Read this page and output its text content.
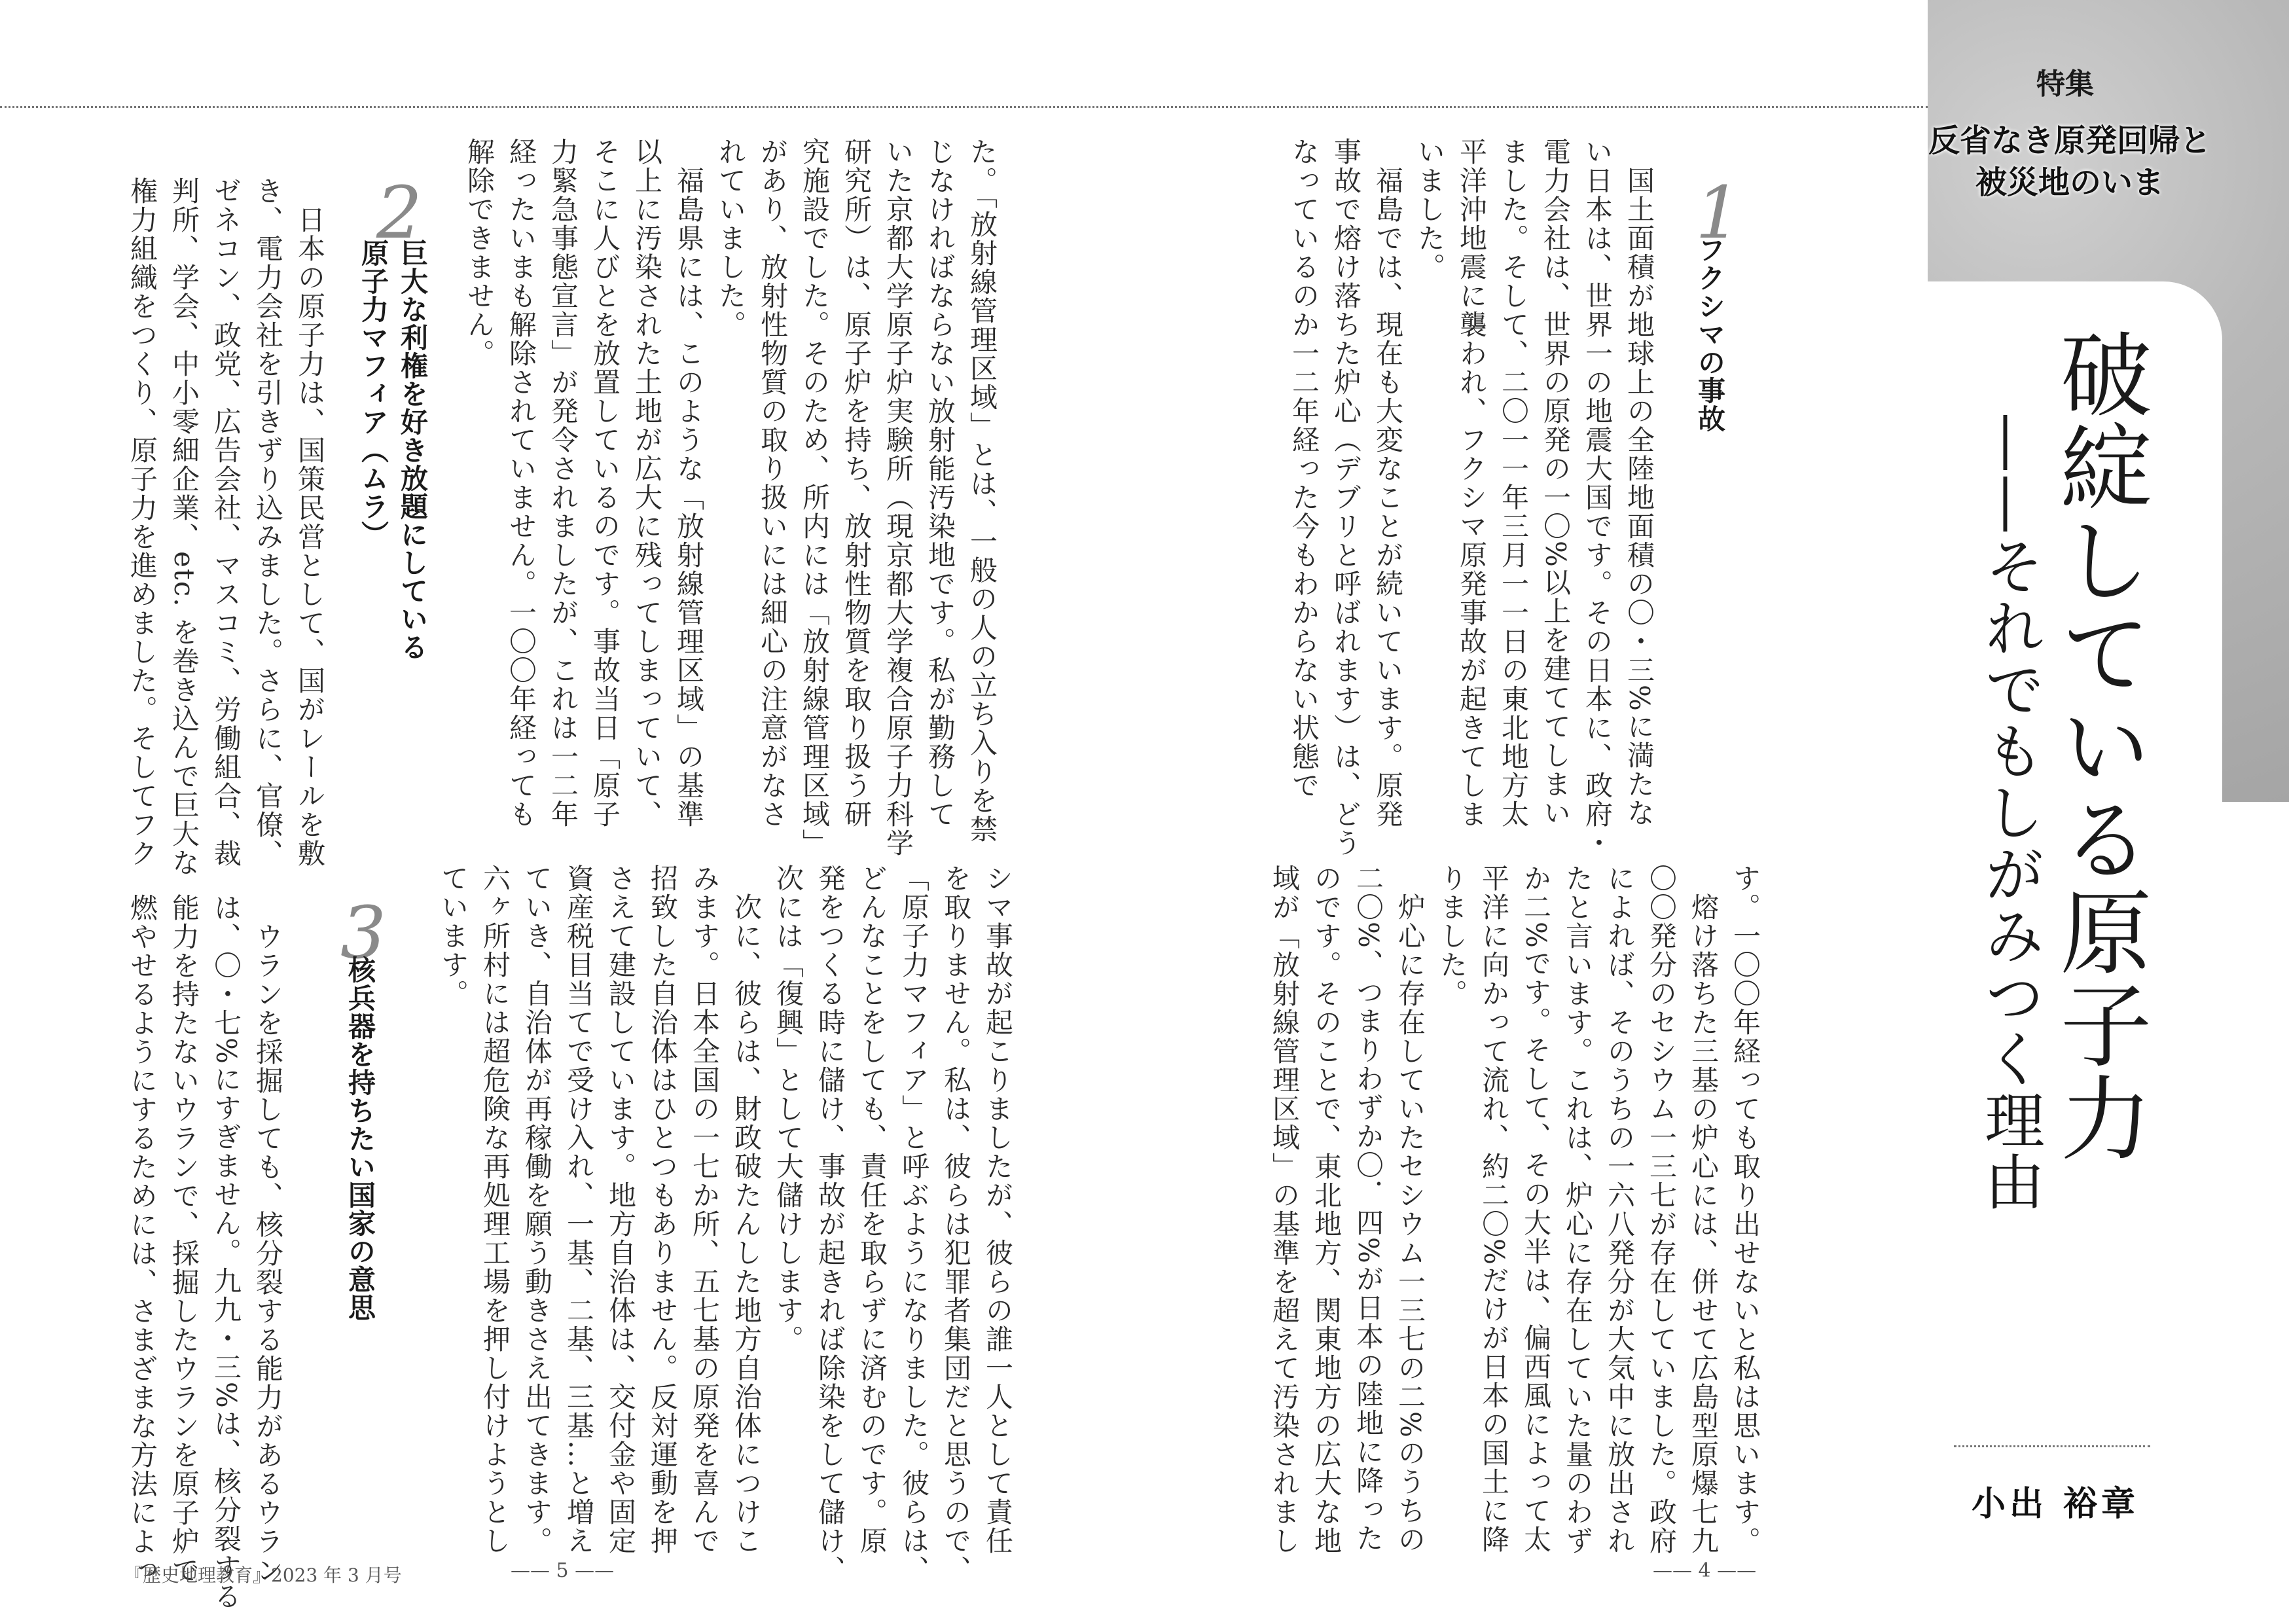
特集
反省なき原発回帰と
被災地のいま
破綻している原子力
——それでもしがみつく理由
小出 裕章
1
フクシマの事故

　国土面積が地球上の全陸地面積の〇・三%に満たな

い日本は、世界一の地震大国です。その日本に、政府・

電力会社は、世界の原発の一〇%以上を建ててしまい

ました。そして、二〇一一年三月一一日の東北地方太

平洋沖地震に襲われ、フクシマ原発事故が起きてしま

いました。

　福島では、現在も大変なことが続いています。原発

事故で熔け落ちた炉心（デブリと呼ばれます）は、どう

なっているのか一二年経った今もわからない状態で

す。一〇〇年経っても取り出せないと私は思います。

　熔け落ちた三基の炉心には、併せて広島型原爆七九

〇〇発分のセシウム一三七が存在していました。政府

によれば、そのうちの一六八発分が大気中に放出され

たと言います。これは、炉心に存在していた量のわず

か二%です。そして、その大半は、偏西風によって太

平洋に向かって流れ、約二〇%だけが日本の国土に降

りました。

　炉心に存在していたセシウム一三七の二%のうちの

二〇%、つまりわずか〇．四%が日本の陸地に降った

のです。そのことで、東北地方、関東地方の広大な地

域が「放射線管理区域」の基準を超えて汚染されまし

た。「放射線管理区域」とは、一般の人の立ち入りを禁

じなければならない放射能汚染地です。私が勤務して

いた京都大学原子炉実験所（現京都大学複合原子力科学

研究所）は、原子炉を持ち、放射性物質を取り扱う研

究施設でした。そのため、所内には「放射線管理区域」

があり、放射性物質の取り扱いには細心の注意がなさ

れていました。

　福島県には、このような「放射線管理区域」の基準

以上に汚染された土地が広大に残ってしまっていて、

そこに人びとを放置しているのです。事故当日「原子

力緊急事態宣言」が発令されましたが、これは一二年

経ったいまも解除されていません。一〇〇年経っても

解除できません。

2
巨大な利権を好き放題にしている
原子力マフィア（ムラ）

　日本の原子力は、国策民営として、国がレールを敷

き、電力会社を引きずり込みました。さらに、官僚、

ゼネコン、政党、広告会社、マスコミ、労働組合、裁

判所、学会、中小零細企業、etc. を巻き込んで巨大な

権力組織をつくり、原子力を進めました。そしてフク

シマ事故が起こりましたが、彼らの誰一人として責任

を取りません。私は、彼らは犯罪者集団だと思うので、

「原子力マフィア」と呼ぶようになりました。彼らは、

どんなことをしても、責任を取らずに済むのです。原

発をつくる時に儲け、事故が起きれば除染をして儲け、

次には「復興」として大儲けします。

　次に、彼らは、財政破たんした地方自治体につけこ

みます。日本全国の一七か所、五七基の原発を喜んで

招致した自治体はひとつもありません。反対運動を押

さえて建設しています。地方自治体は、交付金や固定

資産税目当てで受け入れ、一基、二基、三基…と増え

ていき、自治体が再稼働を願う動きさえ出てきます。

六ヶ所村には超危険な再処理工場を押し付けようとし

ています。

3
核兵器を持ちたい国家の意思

　ウランを採掘しても、核分裂する能力があるウラン

は、〇・七%にすぎません。九九・三%は、核分裂する

能力を持たないウランで、採掘したウランを原子炉で

燃やせるようにするためには、さまざまな方法によっ

『歴史地理教育』2023 年 3 月号	—— 5 ——	—— 4 ——
